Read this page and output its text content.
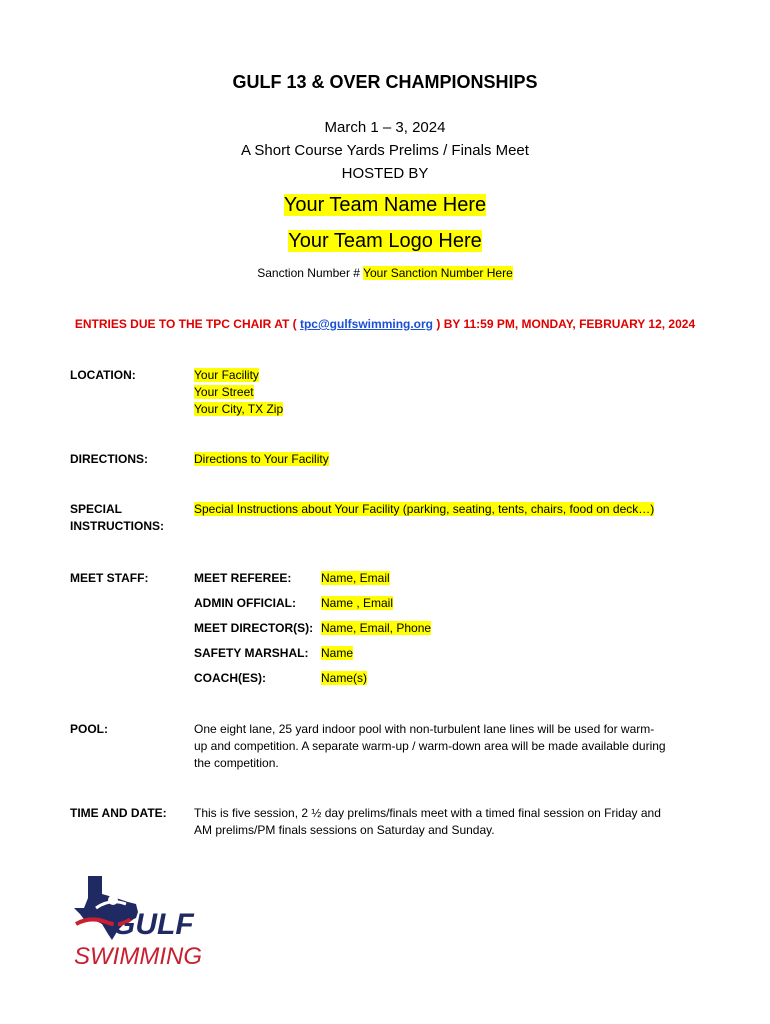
GULF 13 & OVER CHAMPIONSHIPS
March 1 – 3, 2024
A Short Course Yards Prelims / Finals Meet
HOSTED BY
Your Team Name Here
Your Team Logo Here
Sanction Number # Your Sanction Number Here
ENTRIES DUE TO THE TPC CHAIR AT ( tpc@gulfswimming.org ) BY 11:59 PM, MONDAY, FEBRUARY 12, 2024
LOCATION:	Your Facility
Your Street
Your City, TX Zip
DIRECTIONS:	Directions to Your Facility
SPECIAL
INSTRUCTIONS:
Special Instructions about Your Facility (parking, seating, tents, chairs, food on deck…)
MEET STAFF:	MEET REFEREE: Name, Email
ADMIN OFFICIAL: Name , Email
MEET DIRECTOR(S): Name, Email, Phone
SAFETY MARSHAL: Name
COACH(ES):	Name(s)
POOL:	One eight lane, 25 yard indoor pool with non-turbulent lane lines will be used for warm-
up and competition. A separate warm-up / warm-down area will be made available during
the competition.
TIME AND DATE: This is five session, 2 ½ day prelims/finals meet with a timed final session on Friday and
AM prelims/PM finals sessions on Saturday and Sunday.
GULF
SWIMMING
